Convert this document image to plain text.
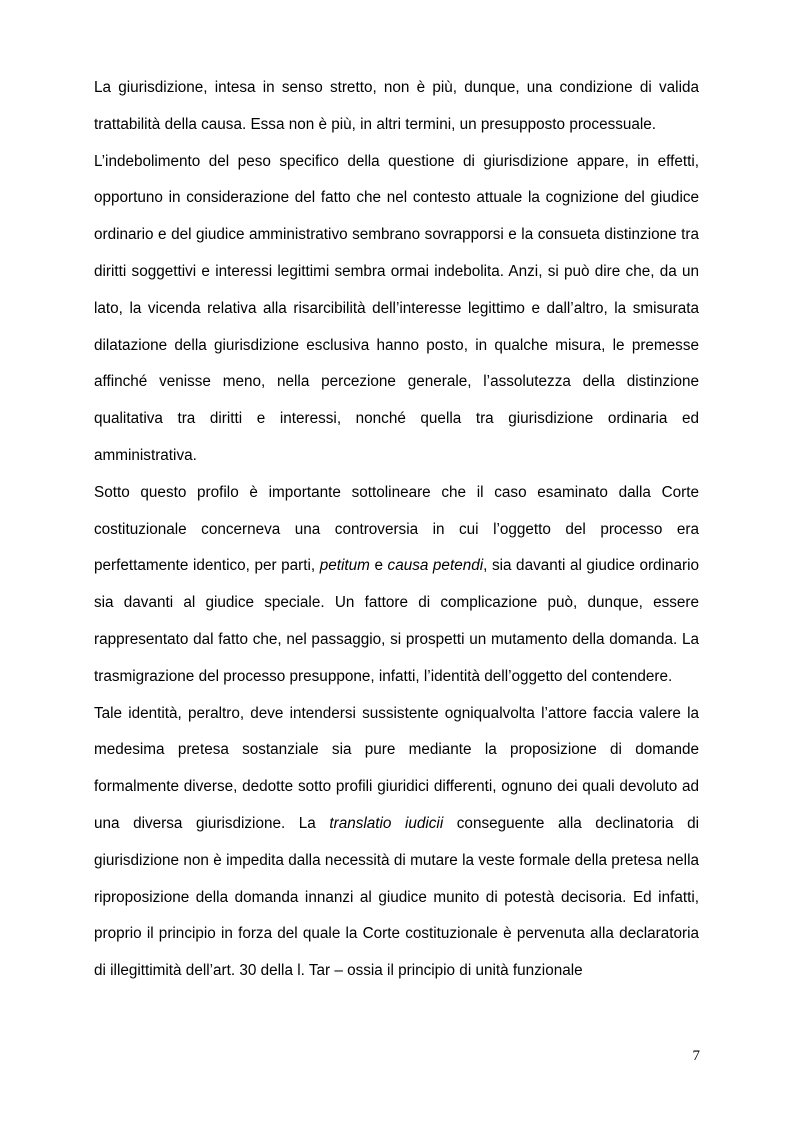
La giurisdizione, intesa in senso stretto, non è più, dunque, una condizione di valida trattabilità della causa. Essa non è più, in altri termini, un presupposto processuale.

L’indebolimento del peso specifico della questione di giurisdizione appare, in effetti, opportuno in considerazione del fatto che nel contesto attuale la cognizione del giudice ordinario e del giudice amministrativo sembrano sovrapporsi e la consueta distinzione tra diritti soggettivi e interessi legittimi sembra ormai indebolita. Anzi, si può dire che, da un lato, la vicenda relativa alla risarcibilità dell’interesse legittimo e dall’altro, la smisurata dilatazione della giurisdizione esclusiva hanno posto, in qualche misura, le premesse affinché venisse meno, nella percezione generale, l’assolutezza della distinzione qualitativa tra diritti e interessi, nonché quella tra giurisdizione ordinaria ed amministrativa.

Sotto questo profilo è importante sottolineare che il caso esaminato dalla Corte costituzionale concerneva una controversia in cui l’oggetto del processo era perfettamente identico, per parti, petitum e causa petendi, sia davanti al giudice ordinario sia davanti al giudice speciale. Un fattore di complicazione può, dunque, essere rappresentato dal fatto che, nel passaggio, si prospetti un mutamento della domanda. La trasmigrazione del processo presuppone, infatti, l’identità dell’oggetto del contendere.

Tale identità, peraltro, deve intendersi sussistente ogniqualvolta l’attore faccia valere la medesima pretesa sostanziale sia pure mediante la proposizione di domande formalmente diverse, dedotte sotto profili giuridici differenti, ognuno dei quali devoluto ad una diversa giurisdizione. La translatio iudicii conseguente alla declinatoria di giurisdizione non è impedita dalla necessità di mutare la veste formale della pretesa nella riproposizione della domanda innanzi al giudice munito di potestà decisoria. Ed infatti, proprio il principio in forza del quale la Corte costituzionale è pervenuta alla declaratoria di illegittimità dell’art. 30 della l. Tar – ossia il principio di unità funzionale

7
